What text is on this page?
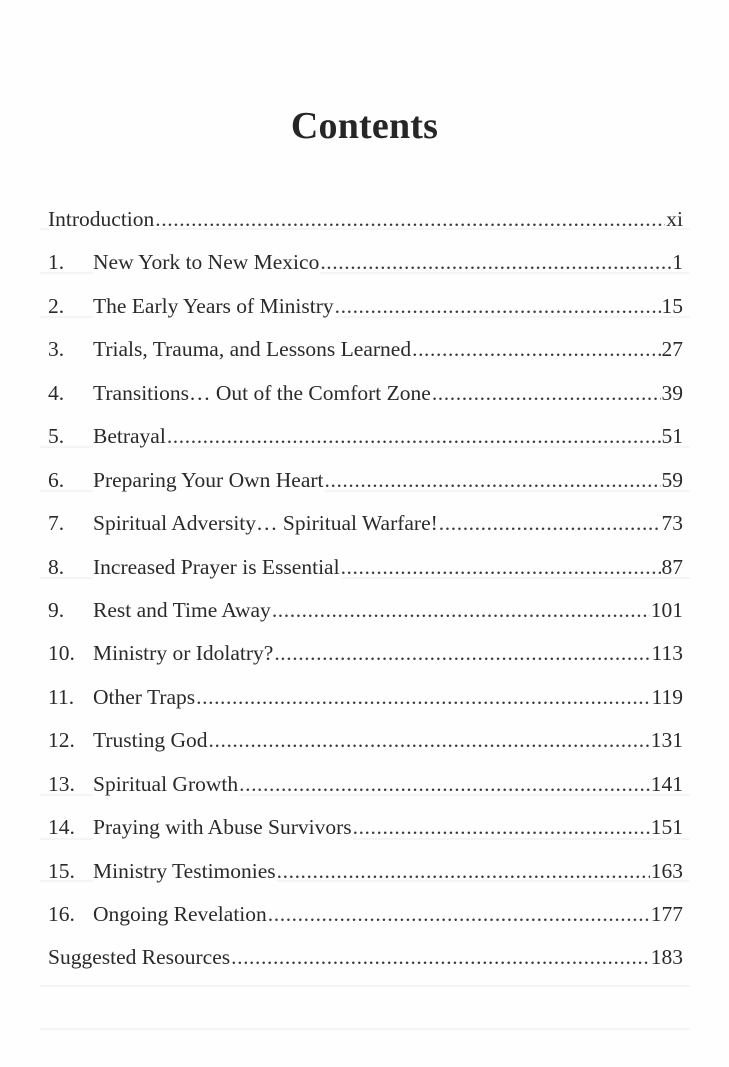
Contents
Introduction .....	xi
1.	New York to New Mexico .....	1
2.	The Early Years of Ministry .....	15
3.	Trials, Trauma, and Lessons Learned .....	27
4.	Transitions… Out of the Comfort Zone .....	39
5.	Betrayal .....	51
6.	Preparing Your Own Heart .....	59
7.	Spiritual Adversity… Spiritual Warfare! .....	73
8.	Increased Prayer is Essential .....	87
9.	Rest and Time Away .....	101
10. Ministry or Idolatry? .....	113
11. Other Traps .....	119
12. Trusting God .....	131
13. Spiritual Growth .....	141
14. Praying with Abuse Survivors .....	151
15. Ministry Testimonies .....	163
16. Ongoing Revelation .....	177
Suggested Resources .....	183
